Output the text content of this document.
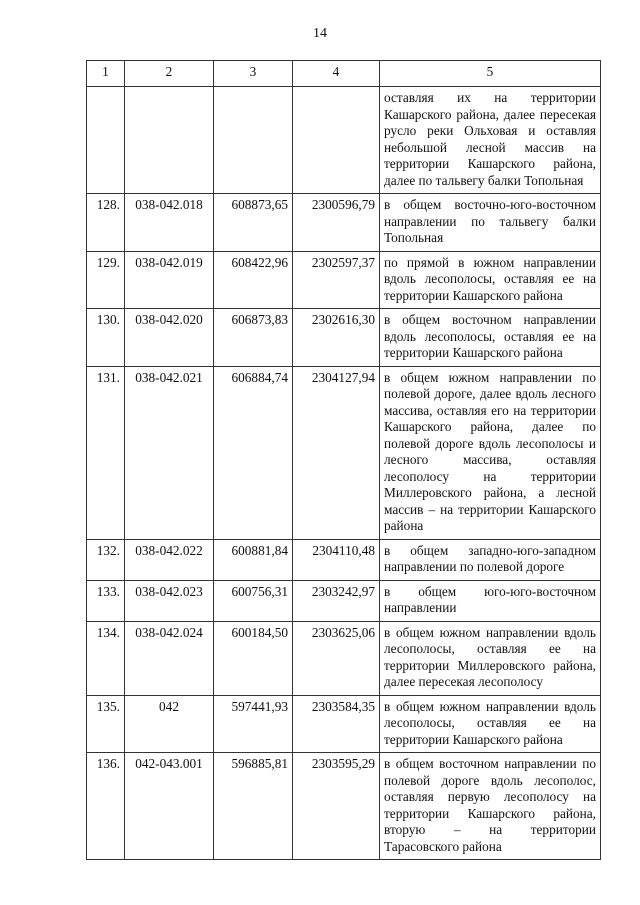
14
1	2	3	4	5
				оставляя их на территории Кашарского района, далее пересекая русло реки Ольховая и оставляя небольшой лесной массив на территории Кашарского района, далее по тальвегу балки Топольная
128.	038-042.018	608873,65	2300596,79	в общем восточно-юго-восточном направлении по тальвегу балки Топольная
129.	038-042.019	608422,96	2302597,37	по прямой в южном направлении вдоль лесополосы, оставляя ее на территории Кашарского района
130.	038-042.020	606873,83	2302616,30	в общем восточном направлении вдоль лесополосы, оставляя ее на территории Кашарского района
131.	038-042.021	606884,74	2304127,94	в общем южном направлении по полевой дороге, далее вдоль лесного массива, оставляя его на территории Кашарского района, далее по полевой дороге вдоль лесополосы и лесного массива, оставляя лесополосу на территории Миллеровского района, а лесной массив – на территории Кашарского района
132.	038-042.022	600881,84	2304110,48	в общем западно-юго-западном направлении по полевой дороге
133.	038-042.023	600756,31	2303242,97	в общем юго-юго-восточном направлении
134.	038-042.024	600184,50	2303625,06	в общем южном направлении вдоль лесополосы, оставляя ее на территории Миллеровского района, далее пересекая лесополосу
135.	042	597441,93	2303584,35	в общем южном направлении вдоль лесополосы, оставляя ее на территории Кашарского района
136.	042-043.001	596885,81	2303595,29	в общем восточном направлении по полевой дороге вдоль лесополос, оставляя первую лесополосу на территории Кашарского района, вторую – на территории Тарасовского района
